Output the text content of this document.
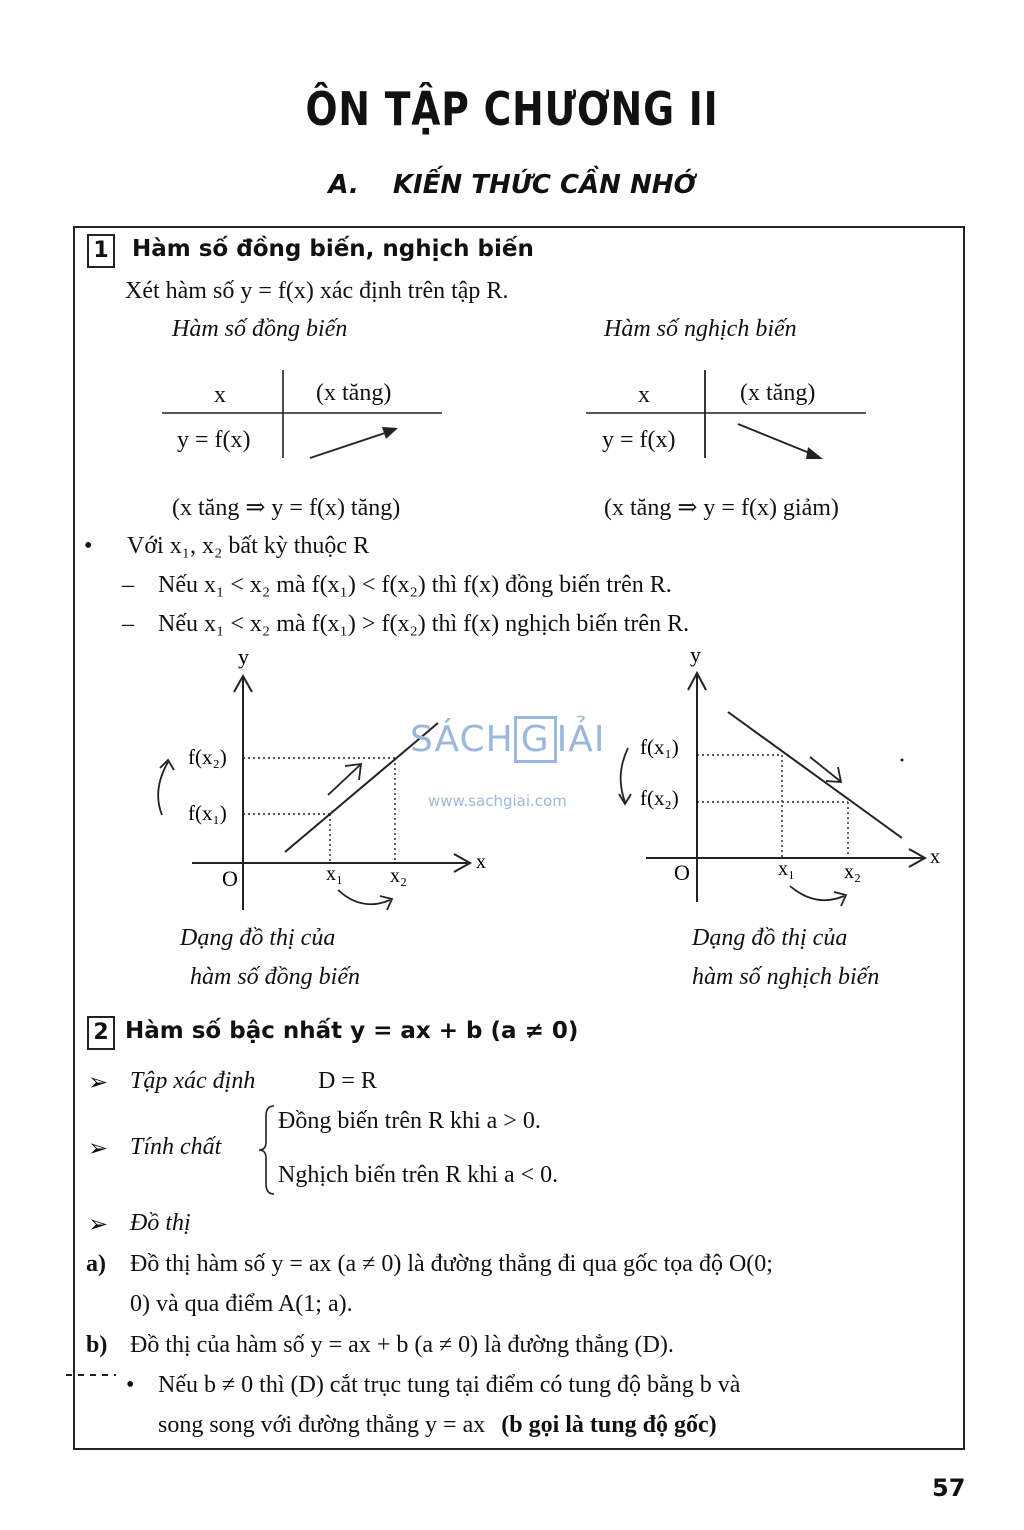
ÔN TẬP CHƯƠNG II
A. KIẾN THỨC CẦN NHỚ
1 Hàm số đồng biến, nghịch biến
Xét hàm số y = f(x) xác định trên tập R.
Hàm số đồng biến	Hàm số nghịch biến
x	(x tăng)
y = f(x)
(x tăng ⇒ y = f(x) tăng)
x	(x tăng)
y = f(x)
(x tăng ⇒ y = f(x) giảm)
• Với x₁, x₂ bất kỳ thuộc R
– Nếu x₁ < x₂ mà f(x₁) < f(x₂) thì f(x) đồng biến trên R.
– Nếu x₁ < x₂ mà f(x₁) > f(x₂) thì f(x) nghịch biến trên R.
y
x
O
f(x₂)
f(x₁)
x₁ x₂
Dạng đồ thị của
hàm số đồng biến
SÁCH G IẢI
www.sachgiai.com
y
x
O
f(x₁)
f(x₂)
x₁ x₂
Dạng đồ thị của
hàm số nghịch biến
2 Hàm số bậc nhất y = ax + b (a ≠ 0)
➢ Tập xác định	D = R
➢ Tính chất
Đồng biến trên R khi a > 0.
Nghịch biến trên R khi a < 0.
➢ Đồ thị
a) Đồ thị hàm số y = ax (a ≠ 0) là đường thẳng đi qua gốc tọa độ O(0;
0) và qua điểm A(1; a).
b) Đồ thị của hàm số y = ax + b (a ≠ 0) là đường thẳng (D).
• Nếu b ≠ 0 thì (D) cắt trục tung tại điểm có tung độ bằng b và
song song với đường thẳng y = ax (b gọi là tung độ gốc)
57
